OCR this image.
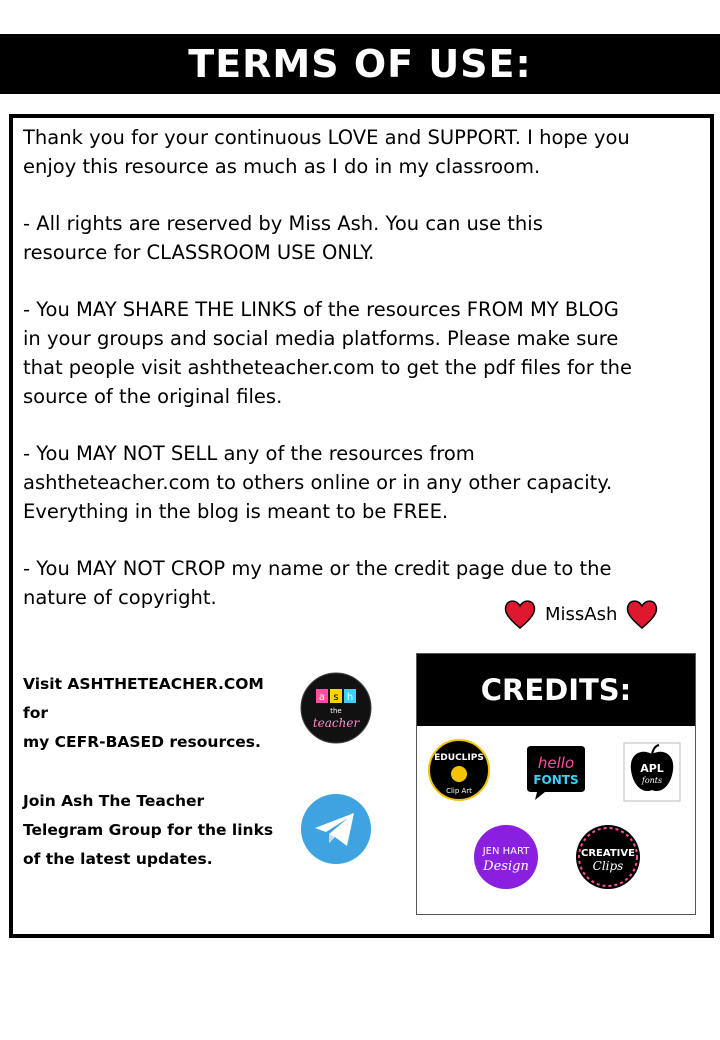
TERMS OF USE:

Thank you for your continuous LOVE and SUPPORT. I hope you
enjoy this resource as much as I do in my classroom.

- All rights are reserved by Miss Ash. You can use this
resource for CLASSROOM USE ONLY.

- You MAY SHARE THE LINKS of the resources FROM MY BLOG
in your groups and social media platforms. Please make sure
that people visit ashtheteacher.com to get the pdf files for the
source of the original files.

- You MAY NOT SELL any of the resources from
ashtheteacher.com to others online or in any other capacity.
Everything in the blog is meant to be FREE.

- You MAY NOT CROP my name or the credit page due to the
nature of copyright.

MissAsh
Visit ASHTHETEACHER.COM for
my CEFR-BASED resources.
a s h
the
teacher
Join Ash The Teacher
Telegram Group for the links
of the latest updates.
CREDITS:
EDUCLIPS
Clip Art
hello
FONTS
APL
fonts
JEN HART
Design
CREATIVE
Clips
